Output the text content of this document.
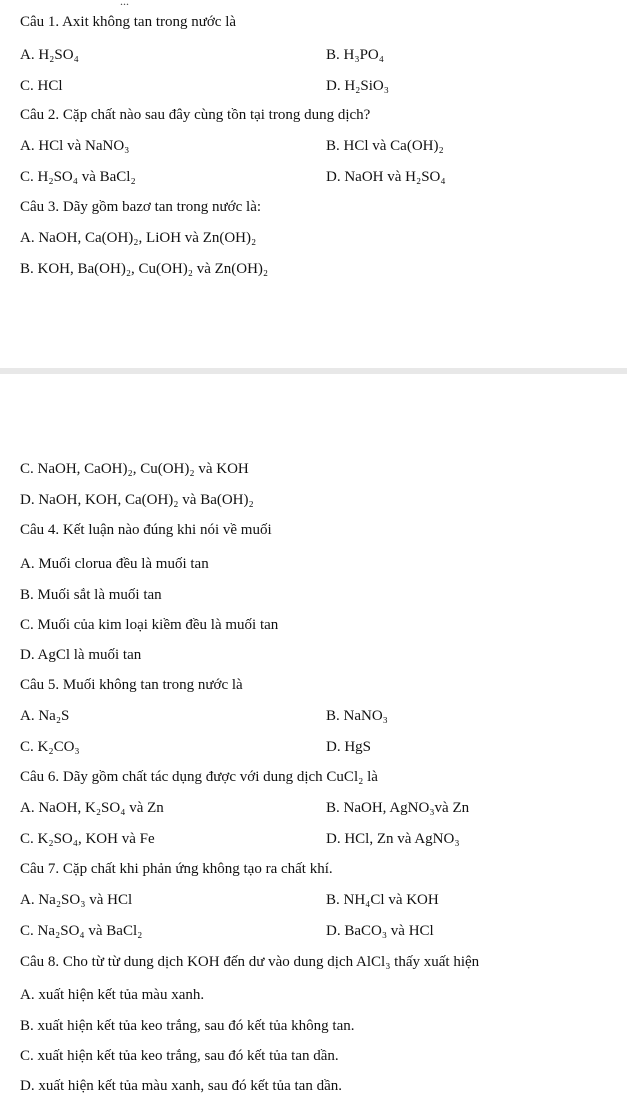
...
Câu 1. Axit không tan trong nước là
A. H₂SO₄	B. H₃PO₄
C. HCl	D. H₂SiO₃
Câu 2. Cặp chất nào sau đây cùng tồn tại trong dung dịch?
A. HCl và NaNO₃	B. HCl và Ca(OH)₂
C. H₂SO₄ và BaCl₂	D. NaOH và H₂SO₄
Câu 3. Dãy gồm bazơ tan trong nước là:
A. NaOH, Ca(OH)₂, LiOH và Zn(OH)₂
B. KOH, Ba(OH)₂, Cu(OH)₂ và Zn(OH)₂
C. NaOH, CaOH)₂, Cu(OH)₂ và KOH
D. NaOH, KOH, Ca(OH)₂ và Ba(OH)₂
Câu 4. Kết luận nào đúng khi nói về muối
A. Muối clorua đều là muối tan
B. Muối sắt là muối tan
C. Muối của kim loại kiềm đều là muối tan
D. AgCl là muối tan
Câu 5. Muối không tan trong nước là
A. Na₂S	B. NaNO₃
C. K₂CO₃	D. HgS
Câu 6. Dãy gồm chất tác dụng được với dung dịch CuCl₂ là
A. NaOH, K₂SO₄ và Zn	B. NaOH, AgNO₃và Zn
C. K₂SO₄, KOH và Fe	D. HCl, Zn và AgNO₃
Câu 7. Cặp chất khi phản ứng không tạo ra chất khí.
A. Na₂SO₃ và HCl	B. NH₄Cl và KOH
C. Na₂SO₄ và BaCl₂	D. BaCO₃ và HCl
Câu 8. Cho từ từ dung dịch KOH đến dư vào dung dịch AlCl₃ thấy xuất hiện
A. xuất hiện kết tủa màu xanh.
B. xuất hiện kết tủa keo trắng, sau đó kết tủa không tan.
C. xuất hiện kết tủa keo trắng, sau đó kết tủa tan dần.
D. xuất hiện kết tủa màu xanh, sau đó kết tủa tan dần.
